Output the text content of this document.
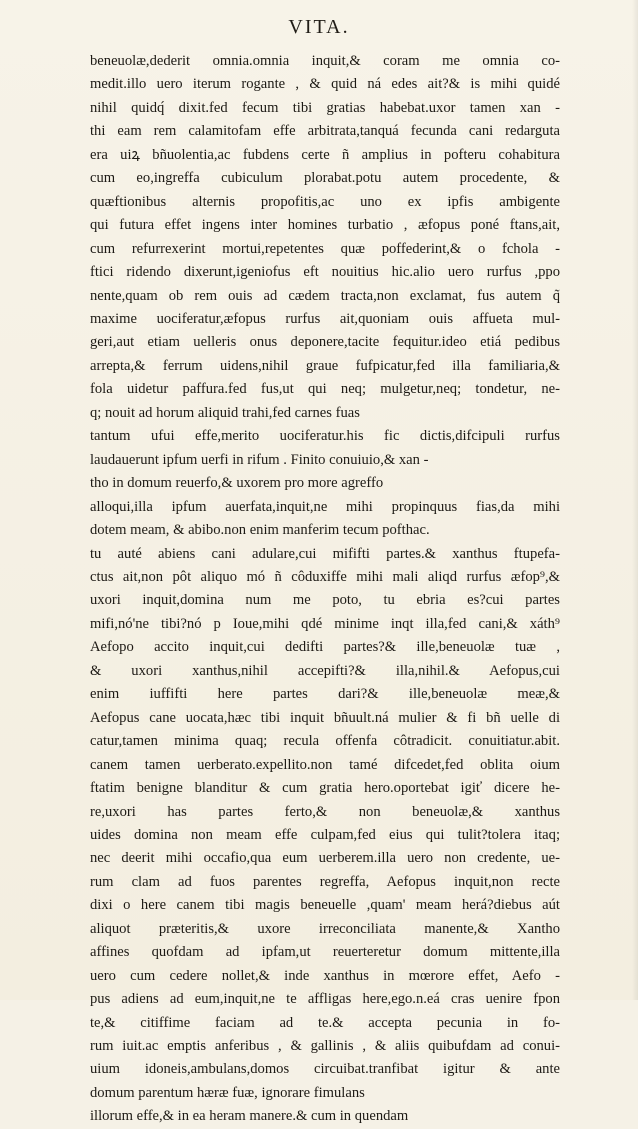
VITA.
beneuolæ,dederit omnia.omnia inquit,& coram me omnia co-
medit.illo uero iterum rogante , & quid ná edes ait?& is mihi quidé
nihil quidq́ dixit.fed fecum tibi gratias habebat.uxor tamen xan -
thi eam rem calamitofam effe arbitrata,tanquá fecunda cani redarguta
era uiꝝ bñuolentia,ac fubdens certe ñ amplius in pofteru cohabitura
cum eo,ingreffa cubiculum plorabat.potu autem procedente, &
quæftionibus alternis propofitis,ac uno ex ipfis ambigente
qui futura effet ingens inter homines turbatio , æfopus poné ftans,ait,
cum refurrexerint mortui,repetentes quæ poffederint,& o fchola -
ftici ridendo dixerunt,igeniofus eft nouitius hic.alio uero rurfus ,ppo
nente,quam ob rem ouis ad cædem tracta,non exclamat, fus autem q̃
maxime uociferatur,æfopus rurfus ait,quoniam ouis affueta mul-
geri,aut etiam uelleris onus deponere,tacite fequitur.ideo etiá pedibus
arrepta,& ferrum uidens,nihil graue fufpicatur,fed illa familiaria,&
fola uidetur paffura.fed fus,ut qui neq; mulgetur,neq; tondetur, ne-
q; nouit ad horum aliquid trahi,fed carnes fuas
tantum ufui effe,merito uociferatur.his fic dictis,difcipuli rurfus
laudauerunt ipfum uerfi in rifum . Finito conuiuio,& xan -
tho in domum reuerfo,& uxorem pro more agreffo
alloqui,illa ipfum auerfata,inquit,ne mihi propinquus fias,da mihi
dotem meam, & abibo.non enim manferim tecum pofthac.
tu auté abiens cani adulare,cui mififti partes.& xanthus ftupefa-
ctus ait,non pôt aliquo mó ñ côduxiffe mihi mali aliqd rurfus æfop⁹,&
uxori inquit,domina num me poto, tu ebria es?cui partes
mifi,nó'ne tibi?nó p Ioue,mihi qdé minime inqt illa,fed cani,& xáth⁹
Aefopo accito inquit,cui dedifti partes?& ille,beneuolæ tuæ ,
& uxori xanthus,nihil accepifti?& illa,nihil.& Aefopus,cui
enim iuffifti here partes dari?& ille,beneuolæ meæ,&
Aefopus cane uocata,hæc tibi inquit bñuult.ná mulier & fi bñ uelle di
catur,tamen minima quaq; recula offenfa côtradicit. conuitiatur.abit.
canem tamen uerberato.expellito.non tamé difcedet,fed oblita oium
ftatim benigne blanditur & cum gratia hero.oportebat igiť dicere he-
re,uxori has partes ferto,& non beneuolæ,& xanthus
uides domina non meam effe culpam,fed eius qui tulit?tolera itaq;
nec deerit mihi occafio,qua eum uerberem.illa uero non credente, ue-
rum clam ad fuos parentes regreffa, Aefopus inquit,non recte
dixi o here canem tibi magis beneuelle ,quam' meam herá?diebus aút
aliquot præteritis,& uxore irreconciliata manente,& Xantho
affines quofdam ad ipfam,ut reuerteretur domum mittente,illa
uero cum cedere nollet,& inde xanthus in mœrore effet, Aefo -
pus adiens ad eum,inquit,ne te affligas here,ego.n.eá cras uenire fpon
te,& citiffime faciam ad te.& accepta pecunia in fo-
rum iuit.ac emptis anferibus , & gallinis , & aliis quibufdam ad conui-
uium idoneis,ambulans,domos circuibat.tranfibat igitur & ante
domum parentum hæræ fuæ, ignorare fimulans
illorum effe,& in ea heram manere.& cum in quendam
